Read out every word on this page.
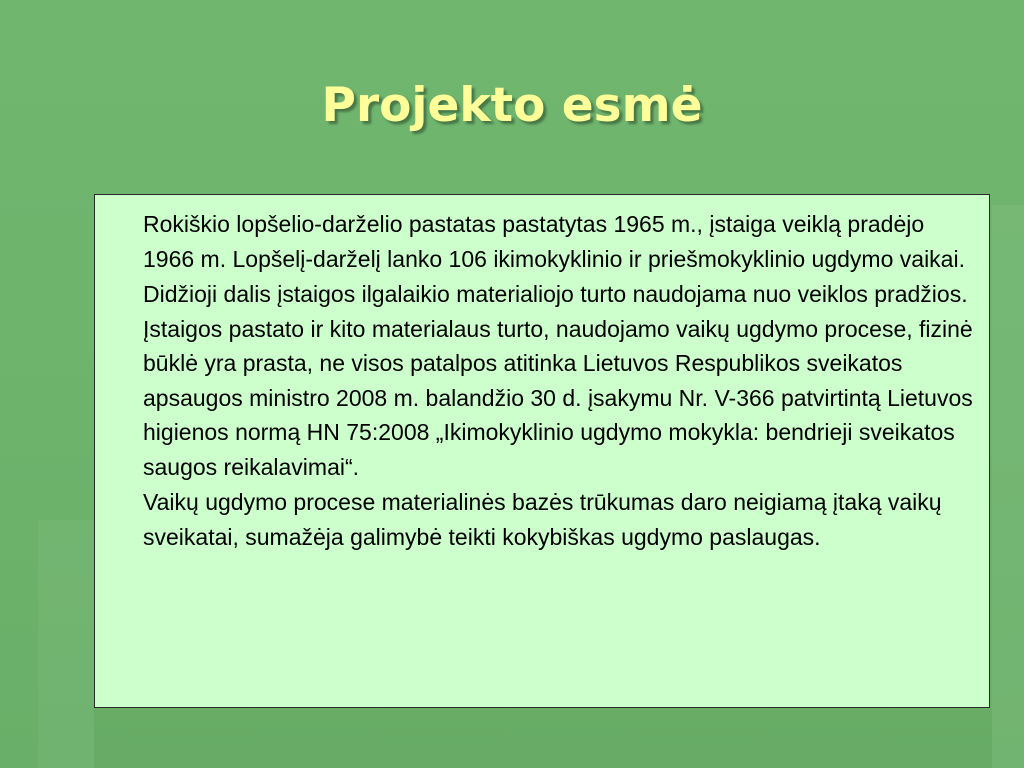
Projekto esmė

Rokiškio lopšelio-darželio pastatas pastatytas 1965 m., įstaiga veiklą pradėjo 1966 m. Lopšelį-darželį lanko 106 ikimokyklinio ir priešmokyklinio ugdymo vaikai.

Didžioji dalis įstaigos ilgalaikio materialiojo turto naudojama nuo veiklos pradžios. Įstaigos pastato ir kito materialaus turto, naudojamo vaikų ugdymo procese, fizinė būklė yra prasta, ne visos patalpos atitinka Lietuvos Respublikos sveikatos apsaugos ministro 2008 m. balandžio 30 d. įsakymu Nr. V-366 patvirtintą Lietuvos higienos normą HN 75:2008 „Ikimokyklinio ugdymo mokykla: bendrieji sveikatos saugos reikalavimai“.

Vaikų ugdymo procese materialinės bazės trūkumas daro neigiamą įtaką vaikų sveikatai, sumažėja galimybė teikti kokybiškas ugdymo paslaugas.
